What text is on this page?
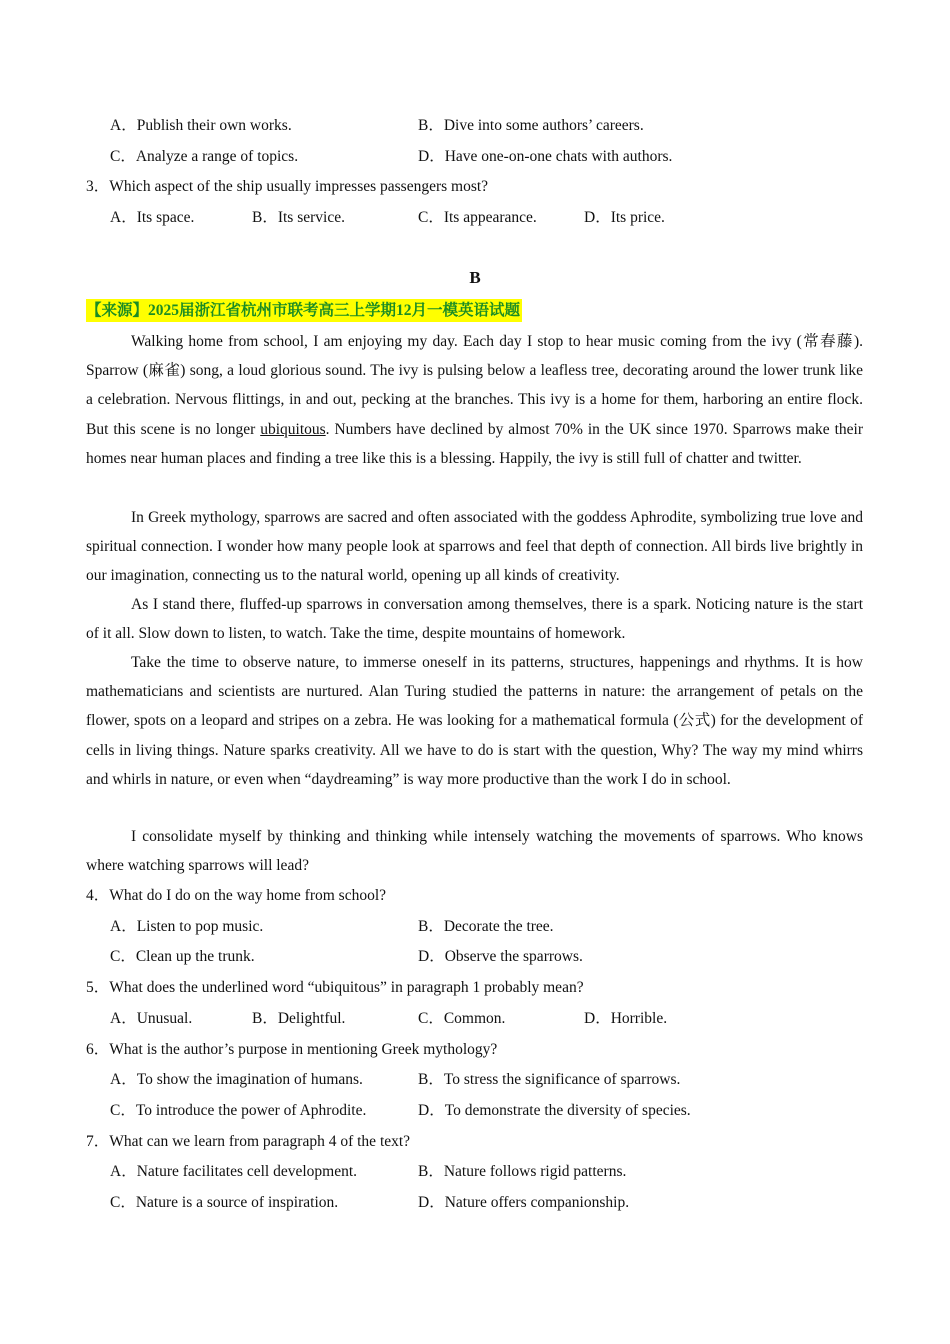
A．Publish their own works.	B．Dive into some authors’ careers.
C．Analyze a range of topics.	D．Have one-on-one chats with authors.
3．Which aspect of the ship usually impresses passengers most?
A．Its space.	B．Its service.	C．Its appearance.	D．Its price.
B
【来源】2025届浙江省杭州市联考高三上学期12月一模英语试题

Walking home from school, I am enjoying my day. Each day I stop to hear music coming from the ivy (常春藤). Sparrow (麻雀) song, a loud glorious sound. The ivy is pulsing below a leafless tree, decorating around the lower trunk like a celebration. Nervous flittings, in and out, pecking at the branches. This ivy is a home for them, harboring an entire flock. But this scene is no longer ubiquitous. Numbers have declined by almost 70% in the UK since 1970. Sparrows make their homes near human places and finding a tree like this is a blessing. Happily, the ivy is still full of chatter and twitter.

In Greek mythology, sparrows are sacred and often associated with the goddess Aphrodite, symbolizing true love and spiritual connection. I wonder how many people look at sparrows and feel that depth of connection. All birds live brightly in our imagination, connecting us to the natural world, opening up all kinds of creativity.

As I stand there, fluffed-up sparrows in conversation among themselves, there is a spark. Noticing nature is the start of it all. Slow down to listen, to watch. Take the time, despite mountains of homework.

Take the time to observe nature, to immerse oneself in its patterns, structures, happenings and rhythms. It is how mathematicians and scientists are nurtured. Alan Turing studied the patterns in nature: the arrangement of petals on the flower, spots on a leopard and stripes on a zebra. He was looking for a mathematical formula (公式) for the development of cells in living things. Nature sparks creativity. All we have to do is start with the question, Why? The way my mind whirrs and whirls in nature, or even when “daydreaming” is way more productive than the work I do in school.

I consolidate myself by thinking and thinking while intensely watching the movements of sparrows. Who knows where watching sparrows will lead?

4．What do I do on the way home from school?
A．Listen to pop music.	B．Decorate the tree.
C．Clean up the trunk.	D．Observe the sparrows.
5．What does the underlined word “ubiquitous” in paragraph 1 probably mean?
A．Unusual.	B．Delightful.	C．Common.	D．Horrible.
6．What is the author’s purpose in mentioning Greek mythology?
A．To show the imagination of humans.	B．To stress the significance of sparrows.
C．To introduce the power of Aphrodite.	D．To demonstrate the diversity of species.
7．What can we learn from paragraph 4 of the text?
A．Nature facilitates cell development.	B．Nature follows rigid patterns.
C．Nature is a source of inspiration.	D．Nature offers companionship.
